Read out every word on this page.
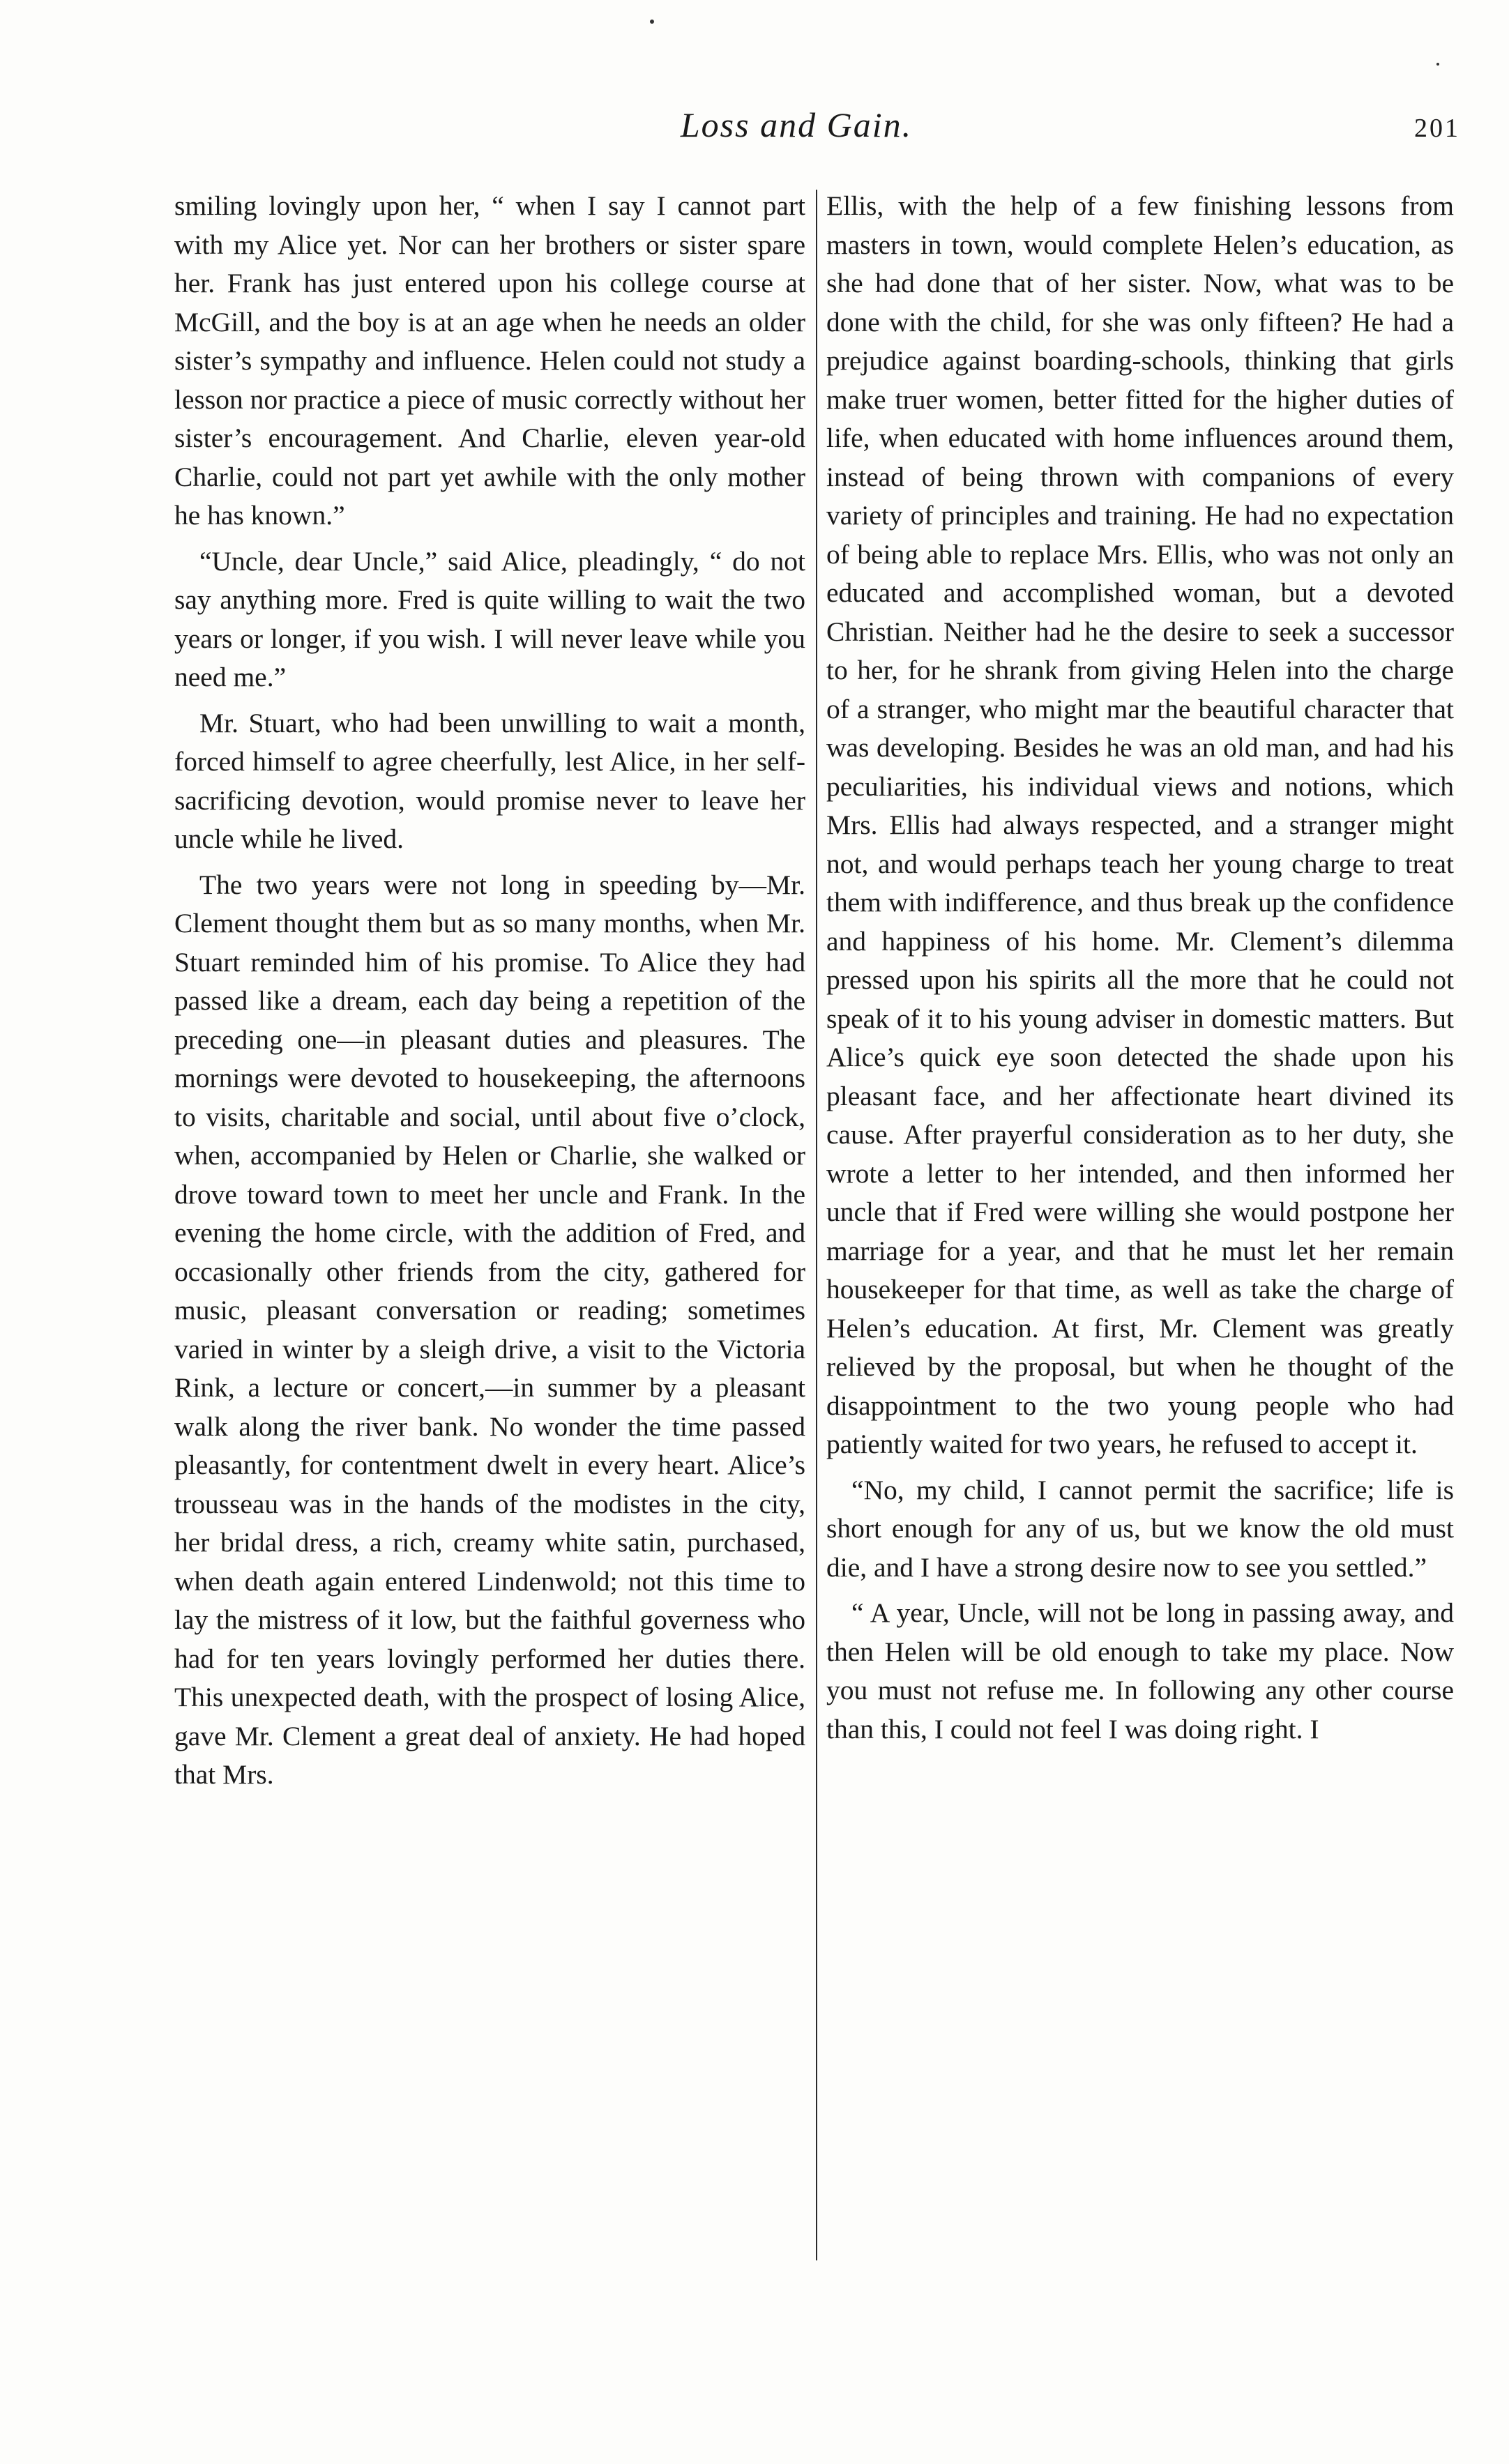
Loss and Gain.	201

smiling lovingly upon her, “ when I say I cannot part with my Alice yet. Nor can her brothers or sister spare her. Frank has just entered upon his college course at McGill, and the boy is at an age when he needs an older sister’s sympathy and influence. Helen could not study a lesson nor practice a piece of music correctly without her sister’s encouragement. And Charlie, eleven year-old Charlie, could not part yet awhile with the only mother he has known.”

“Uncle, dear Uncle,” said Alice, pleadingly, “ do not say anything more. Fred is quite willing to wait the two years or longer, if you wish. I will never leave while you need me.”

Mr. Stuart, who had been unwilling to wait a month, forced himself to agree cheerfully, lest Alice, in her self-sacrificing devotion, would promise never to leave her uncle while he lived.

The two years were not long in speeding by—Mr. Clement thought them but as so many months, when Mr. Stuart reminded him of his promise. To Alice they had passed like a dream, each day being a repetition of the preceding one—in pleasant duties and pleasures. The mornings were devoted to housekeeping, the afternoons to visits, charitable and social, until about five o’clock, when, accompanied by Helen or Charlie, she walked or drove toward town to meet her uncle and Frank. In the evening the home circle, with the addition of Fred, and occasionally other friends from the city, gathered for music, pleasant conversation or reading; sometimes varied in winter by a sleigh drive, a visit to the Victoria Rink, a lecture or concert,—in summer by a pleasant walk along the river bank. No wonder the time passed pleasantly, for contentment dwelt in every heart. Alice’s trousseau was in the hands of the modistes in the city, her bridal dress, a rich, creamy white satin, purchased, when death again entered Lindenwold; not this time to lay the mistress of it low, but the faithful governess who had for ten years lovingly performed her duties there. This unexpected death, with the prospect of losing Alice, gave Mr. Clement a great deal of anxiety. He had hoped that Mrs.

Ellis, with the help of a few finishing lessons from masters in town, would complete Helen’s education, as she had done that of her sister. Now, what was to be done with the child, for she was only fifteen? He had a prejudice against boarding-schools, thinking that girls make truer women, better fitted for the higher duties of life, when educated with home influences around them, instead of being thrown with companions of every variety of principles and training. He had no expectation of being able to replace Mrs. Ellis, who was not only an educated and accomplished woman, but a devoted Christian. Neither had he the desire to seek a successor to her, for he shrank from giving Helen into the charge of a stranger, who might mar the beautiful character that was developing. Besides he was an old man, and had his peculiarities, his individual views and notions, which Mrs. Ellis had always respected, and a stranger might not, and would perhaps teach her young charge to treat them with indifference, and thus break up the confidence and happiness of his home. Mr. Clement’s dilemma pressed upon his spirits all the more that he could not speak of it to his young adviser in domestic matters. But Alice’s quick eye soon detected the shade upon his pleasant face, and her affectionate heart divined its cause. After prayerful consideration as to her duty, she wrote a letter to her intended, and then informed her uncle that if Fred were willing she would postpone her marriage for a year, and that he must let her remain housekeeper for that time, as well as take the charge of Helen’s education. At first, Mr. Clement was greatly relieved by the proposal, but when he thought of the disappointment to the two young people who had patiently waited for two years, he refused to accept it.

“No, my child, I cannot permit the sacrifice; life is short enough for any of us, but we know the old must die, and I have a strong desire now to see you settled.”

“ A year, Uncle, will not be long in passing away, and then Helen will be old enough to take my place. Now you must not refuse me. In following any other course than this, I could not feel I was doing right. I
